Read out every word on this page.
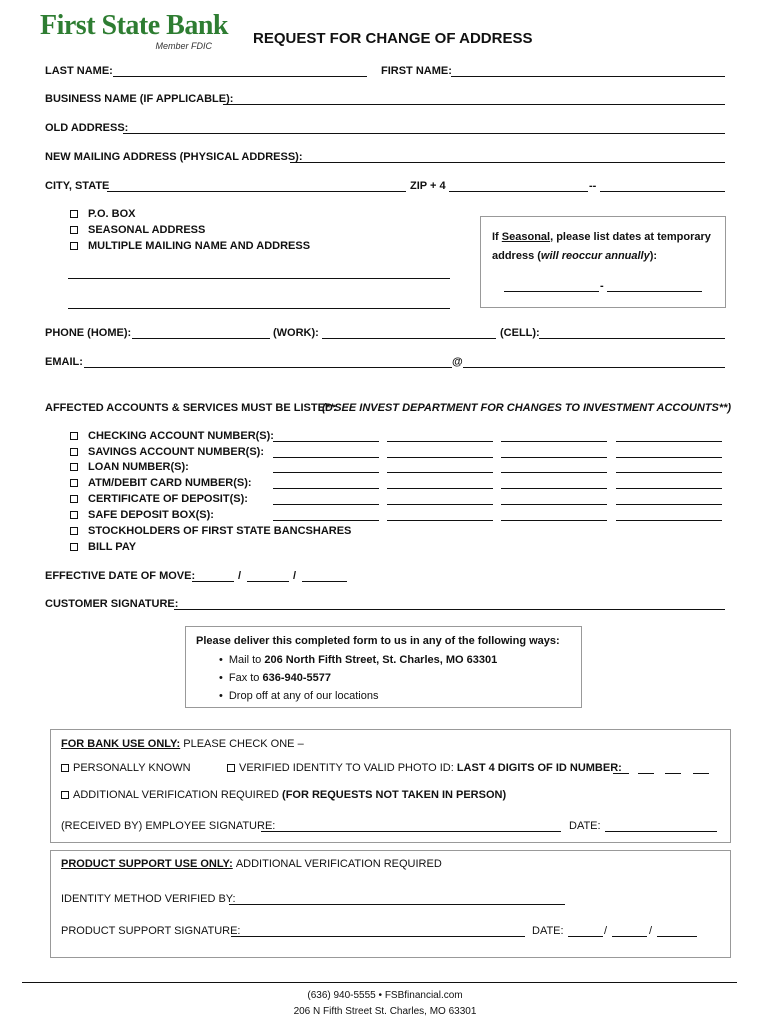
First State Bank
Member FDIC	REQUEST FOR CHANGE OF ADDRESS
LAST NAME:	FIRST NAME:
BUSINESS NAME (IF APPLICABLE):
OLD ADDRESS:
NEW MAILING ADDRESS (PHYSICAL ADDRESS):
CITY, STATE	ZIP + 4	--
P.O. BOX
SEASONAL ADDRESS
MULTIPLE MAILING NAME AND ADDRESS
If Seasonal, please list dates at temporary
address (will reoccur annually):
-
PHONE (HOME):	(WORK):	(CELL):
EMAIL:	@
AFFECTED ACCOUNTS & SERVICES MUST BE LISTED:
(**SEE INVEST DEPARTMENT FOR CHANGES TO INVESTMENT ACCOUNTS**)
CHECKING ACCOUNT NUMBER(S):
SAVINGS ACCOUNT NUMBER(S):
LOAN NUMBER(S):
ATM/DEBIT CARD NUMBER(S):
CERTIFICATE OF DEPOSIT(S):
SAFE DEPOSIT BOX(S):
STOCKHOLDERS OF FIRST STATE BANCSHARES
BILL PAY
EFFECTIVE DATE OF MOVE:	/	/
CUSTOMER SIGNATURE:
Please deliver this completed form to us in any of the following ways:
• Mail to 206 North Fifth Street, St. Charles, MO 63301
• Fax to 636-940-5577
• Drop off at any of our locations
FOR BANK USE ONLY: PLEASE CHECK ONE –
PERSONALLY KNOWN	VERIFIED IDENTITY TO VALID PHOTO ID: LAST 4 DIGITS OF ID NUMBER:
ADDITIONAL VERIFICATION REQUIRED (FOR REQUESTS NOT TAKEN IN PERSON)
(RECEIVED BY) EMPLOYEE SIGNATURE:	DATE:
PRODUCT SUPPORT USE ONLY: ADDITIONAL VERIFICATION REQUIRED
IDENTITY METHOD VERIFIED BY:
PRODUCT SUPPORT SIGNATURE:	DATE:	/	/
(636) 940-5555 • FSBfinancial.com
206 N Fifth Street St. Charles, MO 63301
